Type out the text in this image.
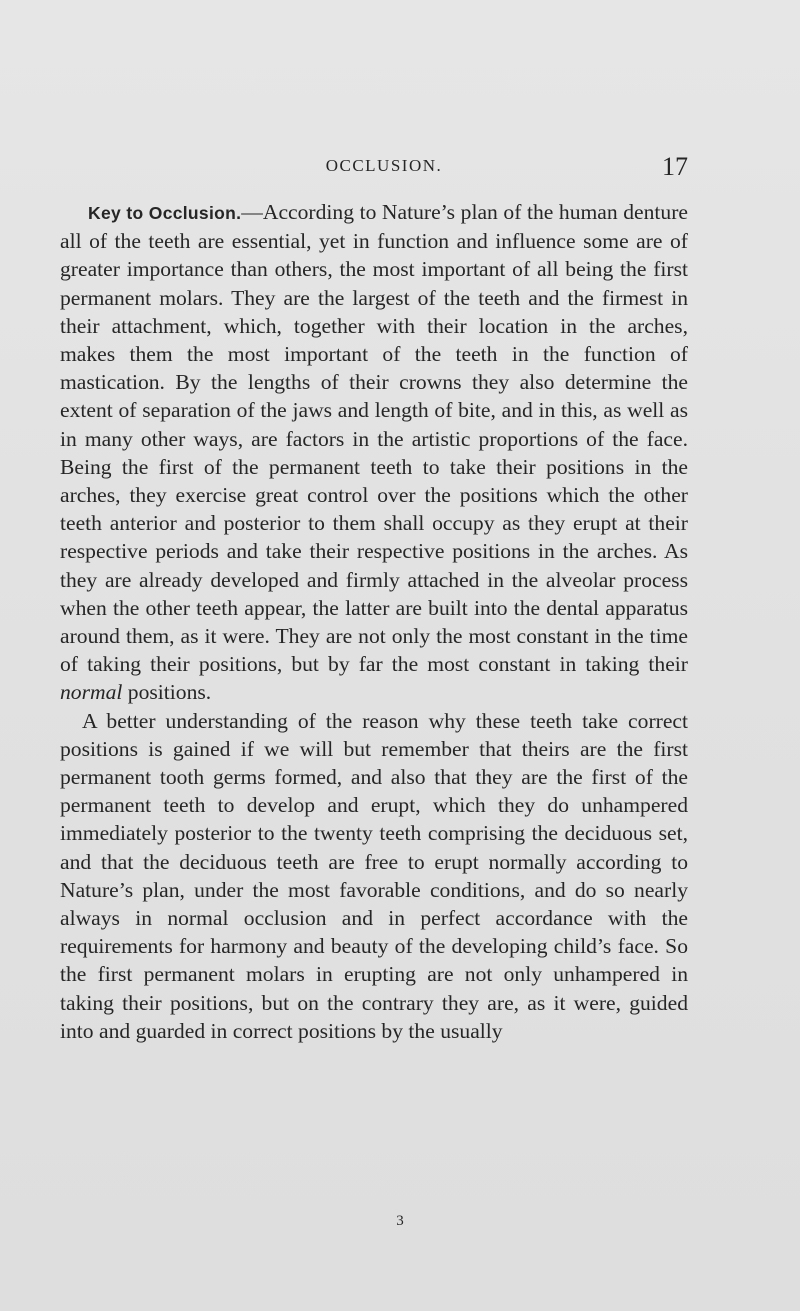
OCCLUSION.	17

Key to Occlusion.—According to Nature’s plan of the human denture all of the teeth are essential, yet in function and influence some are of greater importance than others, the most important of all being the first permanent molars. They are the largest of the teeth and the firmest in their attachment, which, together with their location in the arches, makes them the most important of the teeth in the function of mastication. By the lengths of their crowns they also determine the extent of separation of the jaws and length of bite, and in this, as well as in many other ways, are factors in the artistic proportions of the face. Being the first of the permanent teeth to take their positions in the arches, they exercise great control over the positions which the other teeth anterior and posterior to them shall occupy as they erupt at their respective periods and take their respective positions in the arches. As they are already developed and firmly attached in the alveolar process when the other teeth appear, the latter are built into the dental apparatus around them, as it were. They are not only the most constant in the time of taking their positions, but by far the most constant in taking their normal positions.

A better understanding of the reason why these teeth take correct positions is gained if we will but remember that theirs are the first permanent tooth germs formed, and also that they are the first of the permanent teeth to develop and erupt, which they do unhampered immediately posterior to the twenty teeth comprising the deciduous set, and that the deciduous teeth are free to erupt normally according to Nature’s plan, under the most favorable conditions, and do so nearly always in normal occlusion and in perfect accordance with the requirements for harmony and beauty of the developing child’s face. So the first permanent molars in erupting are not only unhampered in taking their positions, but on the contrary they are, as it were, guided into and guarded in correct positions by the usually

3
